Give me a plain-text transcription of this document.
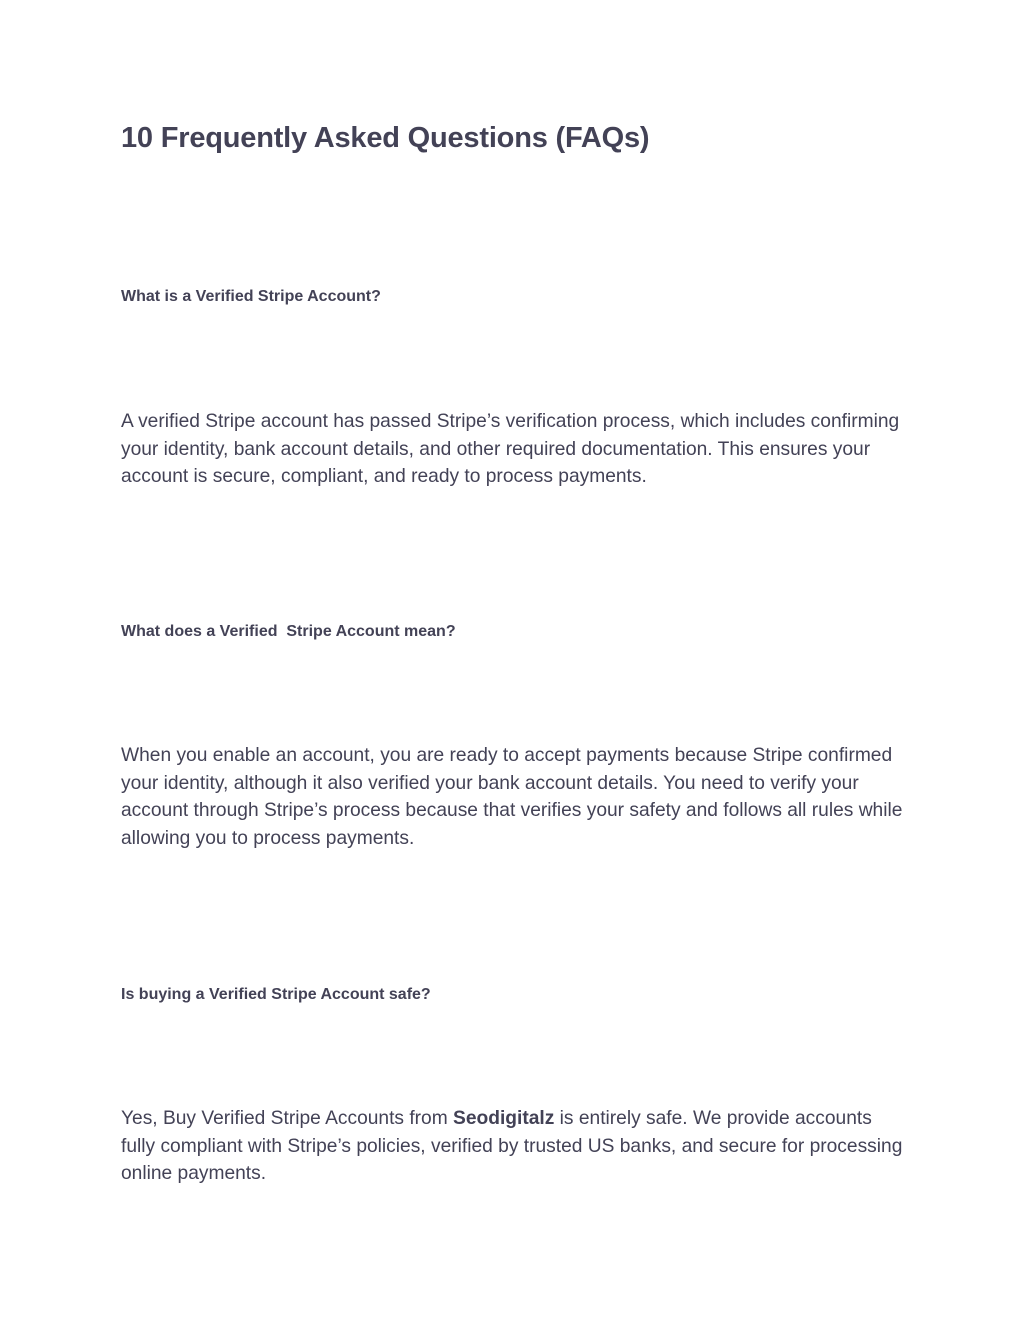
10 Frequently Asked Questions (FAQs)
What is a Verified Stripe Account?

A verified Stripe account has passed Stripe’s verification process, which includes confirming your identity, bank account details, and other required documentation. This ensures your account is secure, compliant, and ready to process payments.

What does a Verified  Stripe Account mean?

When you enable an account, you are ready to accept payments because Stripe confirmed your identity, although it also verified your bank account details. You need to verify your account through Stripe’s process because that verifies your safety and follows all rules while allowing you to process payments.

Is buying a Verified Stripe Account safe?

Yes, Buy Verified Stripe Accounts from Seodigitalz is entirely safe. We provide accounts fully compliant with Stripe’s policies, verified by trusted US banks, and secure for processing online payments.
